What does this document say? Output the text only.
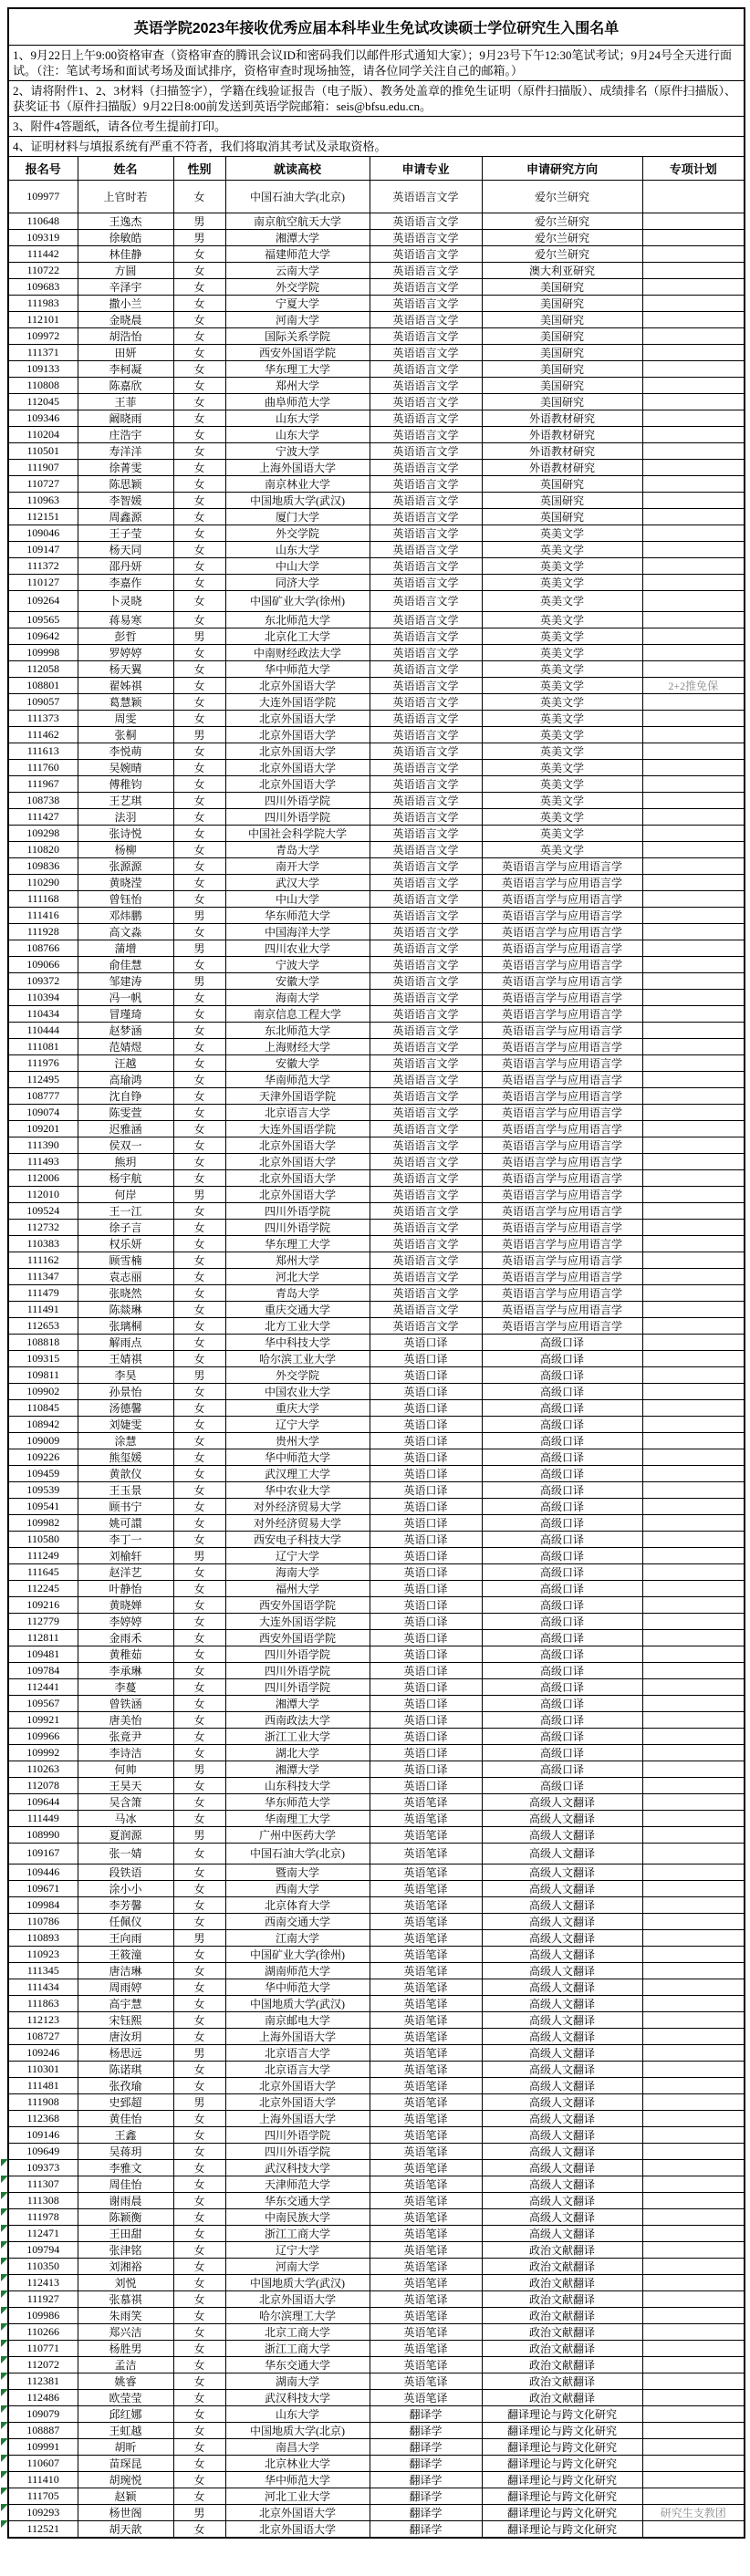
英语学院2023年接收优秀应届本科毕业生免试攻读硕士学位研究生入围名单						
1、9月22日上午9:00资格审查（资格审查的腾讯会议ID和密码我们以邮件形式通知大家）；9月23号下午12:30笔试考试；9月24号全天进行面试。（注：笔试考场和面试考场及面试排序，资格审查时现场抽签，请各位同学关注自己的邮箱。）						
2、请将附件1、2、3材料（扫描签字），学籍在线验证报告（电子版）、教务处盖章的推免生证明（原件扫描版）、成绩排名（原件扫描版）、获奖证书（原件扫描版）9月22日8:00前发送到英语学院邮箱：seis@bfsu.edu.cn。						
3、附件4答题纸，请各位考生提前打印。						
4、证明材料与填报系统有严重不符者，我们将取消其考试及录取资格。						
报名号	姓名	性别	就读高校	申请专业	申请研究方向	专项计划
109977	上官时若	女	中国石油大学(北京)	英语语言文学	爱尔兰研究	
110648	王逸杰	男	南京航空航天大学	英语语言文学	爱尔兰研究	
109319	徐敏皓	男	湘潭大学	英语语言文学	爱尔兰研究	
111442	林佳静	女	福建师范大学	英语语言文学	爱尔兰研究	
110722	方圆	女	云南大学	英语语言文学	澳大利亚研究	
109683	辛泽宇	女	外交学院	英语语言文学	美国研究	
111983	撒小兰	女	宁夏大学	英语语言文学	美国研究	
112101	金晓晨	女	河南大学	英语语言文学	美国研究	
109972	胡浩怡	女	国际关系学院	英语语言文学	美国研究	
111371	田妍	女	西安外国语学院	英语语言文学	美国研究	
109133	李柯凝	女	华东理工大学	英语语言文学	美国研究	
110808	陈嘉欣	女	郑州大学	英语语言文学	美国研究	
112045	王菲	女	曲阜师范大学	英语语言文学	美国研究	
109346	阚晓雨	女	山东大学	英语语言文学	外语教材研究	
110204	庄浩宇	女	山东大学	英语语言文学	外语教材研究	
110501	寿洋洋	女	宁波大学	英语语言文学	外语教材研究	
111907	徐菁雯	女	上海外国语大学	英语语言文学	外语教材研究	
110727	陈思颖	女	南京林业大学	英语语言文学	英国研究	
110963	李智媛	女	中国地质大学(武汉)	英语语言文学	英国研究	
112151	周鑫源	女	厦门大学	英语语言文学	英国研究	
109046	王子莹	女	外交学院	英语语言文学	英美文学	
109147	杨天同	女	山东大学	英语语言文学	英美文学	
111372	邵丹妍	女	中山大学	英语语言文学	英美文学	
110127	李嘉作	女	同济大学	英语语言文学	英美文学	
109264	卜灵晓	女	中国矿业大学(徐州)	英语语言文学	英美文学	
109565	蒋易寒	女	东北师范大学	英语语言文学	英美文学	
109642	彭哲	男	北京化工大学	英语语言文学	英美文学	
109998	罗婷婷	女	中南财经政法大学	英语语言文学	英美文学	
112058	杨天翼	女	华中师范大学	英语语言文学	英美文学	
108801	翟姊祺	女	北京外国语大学	英语语言文学	英美文学	2+2推免保
109057	葛慧颖	女	大连外国语学院	英语语言文学	英美文学	
111373	周雯	女	北京外国语大学	英语语言文学	英美文学	
111462	张桐	男	北京外国语大学	英语语言文学	英美文学	
111613	李悦萌	女	北京外国语大学	英语语言文学	英美文学	
111760	吴婉晴	女	北京外国语大学	英语语言文学	英美文学	
111967	傅稚钧	女	北京外国语大学	英语语言文学	英美文学	
108738	王艺琪	女	四川外语学院	英语语言文学	英美文学	
111427	法羽	女	四川外语学院	英语语言文学	英美文学	
109298	张诗悦	女	中国社会科学院大学	英语语言文学	英美文学	
110820	杨柳	女	青岛大学	英语语言文学	英美文学	
109836	张源源	女	南开大学	英语语言文学	英语语言学与应用语言学	
110290	黄晓滢	女	武汉大学	英语语言文学	英语语言学与应用语言学	
111168	曾钰怡	女	中山大学	英语语言文学	英语语言学与应用语言学	
111416	邓炜鹏	男	华东师范大学	英语语言文学	英语语言学与应用语言学	
111928	高文淼	女	中国海洋大学	英语语言文学	英语语言学与应用语言学	
108766	蒲增	男	四川农业大学	英语语言文学	英语语言学与应用语言学	
109066	俞佳慧	女	宁波大学	英语语言文学	英语语言学与应用语言学	
109372	邹建涛	男	安徽大学	英语语言文学	英语语言学与应用语言学	
110394	冯一帆	女	海南大学	英语语言文学	英语语言学与应用语言学	
110434	冒瑾琦	女	南京信息工程大学	英语语言文学	英语语言学与应用语言学	
110444	赵梦涵	女	东北师范大学	英语语言文学	英语语言学与应用语言学	
111081	范婧煜	女	上海财经大学	英语语言文学	英语语言学与应用语言学	
111976	汪越	女	安徽大学	英语语言文学	英语语言学与应用语言学	
112495	高瑜鸿	女	华南师范大学	英语语言文学	英语语言学与应用语言学	
108777	沈自铮	女	天津外国语学院	英语语言文学	英语语言学与应用语言学	
109074	陈雯萱	女	北京语言大学	英语语言文学	英语语言学与应用语言学	
109201	迟雅涵	女	大连外国语学院	英语语言文学	英语语言学与应用语言学	
111390	侯双一	女	北京外国语大学	英语语言文学	英语语言学与应用语言学	
111493	熊玥	女	北京外国语大学	英语语言文学	英语语言学与应用语言学	
112006	杨宇航	女	北京外国语大学	英语语言文学	英语语言学与应用语言学	
112010	何岸	男	北京外国语大学	英语语言文学	英语语言学与应用语言学	
109524	王一江	女	四川外语学院	英语语言文学	英语语言学与应用语言学	
112732	徐子言	女	四川外语学院	英语语言文学	英语语言学与应用语言学	
110383	权乐妍	女	华东理工大学	英语语言文学	英语语言学与应用语言学	
111162	顾雪楠	女	郑州大学	英语语言文学	英语语言学与应用语言学	
111347	袁志丽	女	河北大学	英语语言文学	英语语言学与应用语言学	
111479	张晓然	女	青岛大学	英语语言文学	英语语言学与应用语言学	
111491	陈燚琳	女	重庆交通大学	英语语言文学	英语语言学与应用语言学	
112653	张璃桐	女	北方工业大学	英语语言文学	英语语言学与应用语言学	
108818	解雨点	女	华中科技大学	英语口译	高级口译	
109315	王婧祺	女	哈尔滨工业大学	英语口译	高级口译	
109811	李昊	男	外交学院	英语口译	高级口译	
109902	孙景怡	女	中国农业大学	英语口译	高级口译	
110845	汤德馨	女	重庆大学	英语口译	高级口译	
108942	刘婕雯	女	辽宁大学	英语口译	高级口译	
109009	涂慧	女	贵州大学	英语口译	高级口译	
109226	熊玺媛	女	华中师范大学	英语口译	高级口译	
109459	黄歆仪	女	武汉理工大学	英语口译	高级口译	
109539	王玉景	女	华中农业大学	英语口译	高级口译	
109541	顾书宁	女	对外经济贸易大学	英语口译	高级口译	
109982	姚可譞	女	对外经济贸易大学	英语口译	高级口译	
110580	李丁一	女	西安电子科技大学	英语口译	高级口译	
111249	刘榆轩	男	辽宁大学	英语口译	高级口译	
111645	赵洋艺	女	海南大学	英语口译	高级口译	
112245	叶静怡	女	福州大学	英语口译	高级口译	
109216	黄晓婵	女	西安外国语学院	英语口译	高级口译	
112779	李婷婷	女	大连外国语学院	英语口译	高级口译	
112811	金雨禾	女	西安外国语学院	英语口译	高级口译	
109481	黄稚茹	女	四川外语学院	英语口译	高级口译	
109784	李承琳	女	四川外语学院	英语口译	高级口译	
112441	李蔓	女	四川外语学院	英语口译	高级口译	
109567	曾铁涵	女	湘潭大学	英语口译	高级口译	
109921	唐美怡	女	西南政法大学	英语口译	高级口译	
109966	张竟尹	女	浙江工业大学	英语口译	高级口译	
109992	李诗洁	女	湖北大学	英语口译	高级口译	
110263	何帅	男	湘潭大学	英语口译	高级口译	
112078	王昊天	女	山东科技大学	英语口译	高级口译	
109644	吴含箫	女	华东师范大学	英语笔译	高级人文翻译	
111449	马冰	女	华南理工大学	英语笔译	高级人文翻译	
108990	夏润源	男	广州中医药大学	英语笔译	高级人文翻译	
109167	张一婧	女	中国石油大学(北京)	英语笔译	高级人文翻译	
109446	段铁语	女	暨南大学	英语笔译	高级人文翻译	
109671	涂小小	女	西南大学	英语笔译	高级人文翻译	
109984	李芳馨	女	北京体育大学	英语笔译	高级人文翻译	
110786	任佩仪	女	西南交通大学	英语笔译	高级人文翻译	
110893	王向雨	男	江南大学	英语笔译	高级人文翻译	
110923	王筱潼	女	中国矿业大学(徐州)	英语笔译	高级人文翻译	
111345	唐洁琳	女	湖南师范大学	英语笔译	高级人文翻译	
111434	周雨婷	女	华中师范大学	英语笔译	高级人文翻译	
111863	高宇慧	女	中国地质大学(武汉)	英语笔译	高级人文翻译	
112123	宋钰熙	女	南京邮电大学	英语笔译	高级人文翻译	
108727	唐汝玥	女	上海外国语大学	英语笔译	高级人文翻译	
109246	杨思远	男	北京语言大学	英语笔译	高级人文翻译	
110301	陈诺琪	女	北京语言大学	英语笔译	高级人文翻译	
111481	张孜瑜	女	北京外国语大学	英语笔译	高级人文翻译	
111908	史郅超	男	北京外国语大学	英语笔译	高级人文翻译	
112368	黄佳怡	女	上海外国语大学	英语笔译	高级人文翻译	
109146	王鑫	女	四川外语学院	英语笔译	高级人文翻译	
109649	吴蒋玥	女	四川外语学院	英语笔译	高级人文翻译	
109373	李雅文	女	武汉科技大学	英语笔译	高级人文翻译	
111307	周佳怡	女	天津师范大学	英语笔译	高级人文翻译	
111308	谢雨晨	女	华东交通大学	英语笔译	高级人文翻译	
111978	陈颖衡	女	中南民族大学	英语笔译	高级人文翻译	
112471	王田甜	女	浙江工商大学	英语笔译	高级人文翻译	
109794	张津铭	女	辽宁大学	英语笔译	政治文献翻译	
110350	刘湘裕	女	河南大学	英语笔译	政治文献翻译	
112413	刘悦	女	中国地质大学(武汉)	英语笔译	政治文献翻译	
111927	张慕祺	女	北京外国语大学	英语笔译	政治文献翻译	
109986	朱雨笑	女	哈尔滨理工大学	英语笔译	政治文献翻译	
110266	郑兴洁	女	北京工商大学	英语笔译	政治文献翻译	
110771	杨胜男	女	浙江工商大学	英语笔译	政治文献翻译	
112072	孟洁	女	华东交通大学	英语笔译	政治文献翻译	
112381	姚睿	女	湖南大学	英语笔译	政治文献翻译	
112486	欧莹莹	女	武汉科技大学	英语笔译	政治文献翻译	
109079	邱红娜	女	山东大学	翻译学	翻译理论与跨文化研究	
108887	王虹越	女	中国地质大学(北京)	翻译学	翻译理论与跨文化研究	
109991	胡昕	女	南昌大学	翻译学	翻译理论与跨文化研究	
110607	苗琛昆	女	北京林业大学	翻译学	翻译理论与跨文化研究	
111410	胡琬悦	女	华中师范大学	翻译学	翻译理论与跨文化研究	
111705	赵颖	女	河北工业大学	翻译学	翻译理论与跨文化研究	
109293	杨世阁	男	北京外国语大学	翻译学	翻译理论与跨文化研究	研究生支教团
112521	胡天歆	女	北京外国语大学	翻译学	翻译理论与跨文化研究	
